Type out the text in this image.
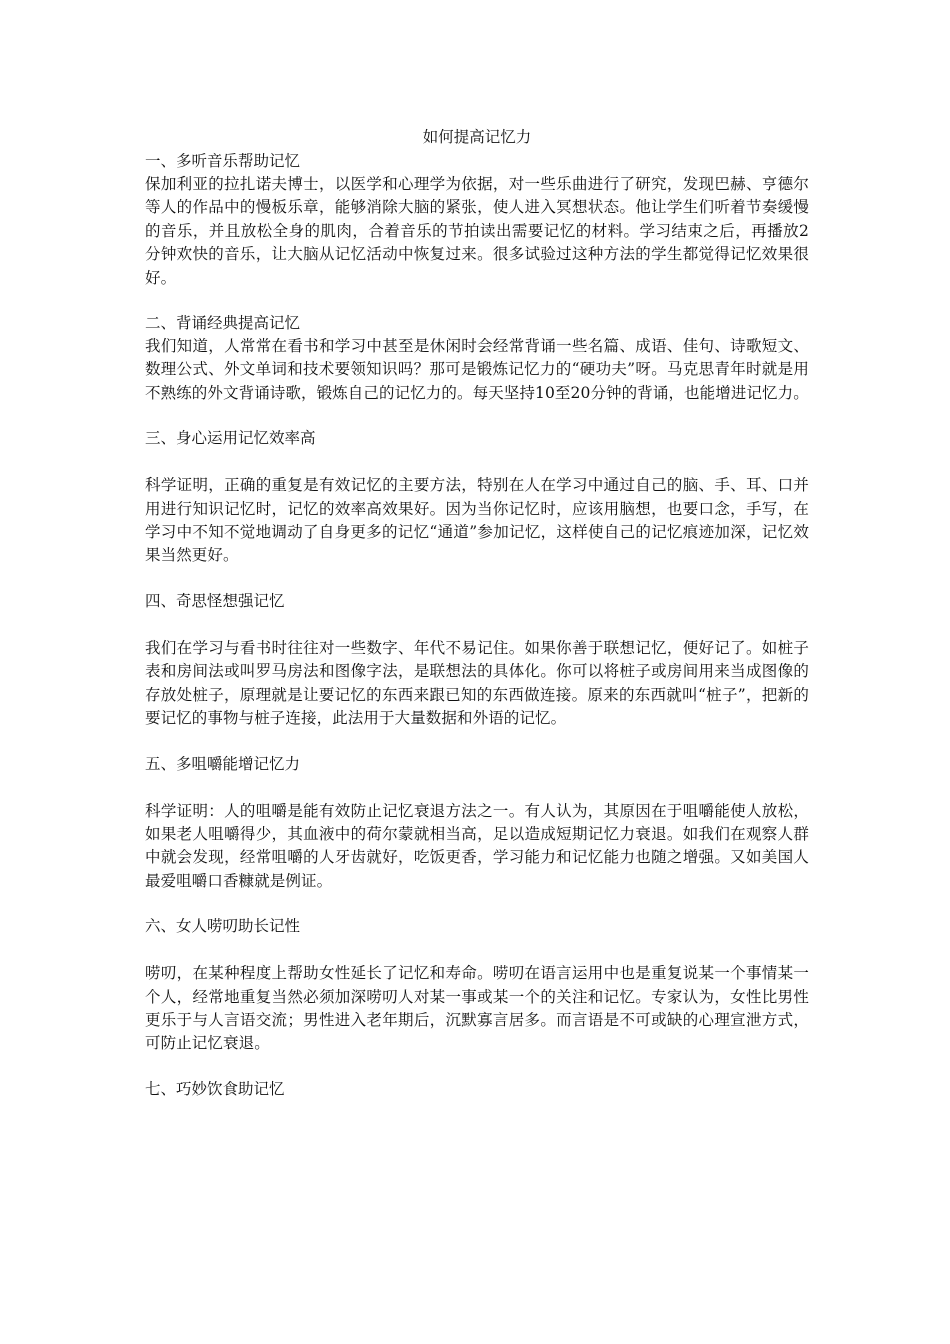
如何提高记忆力

一、多听音乐帮助记忆

保加利亚的拉扎诺夫博士，以医学和心理学为依据，对一些乐曲进行了研究，发现巴赫、亨德尔等人的作品中的慢板乐章，能够消除大脑的紧张，使人进入冥想状态。他让学生们听着节奏缓慢的音乐，并且放松全身的肌肉，合着音乐的节拍读出需要记忆的材料。学习结束之后，再播放2分钟欢快的音乐，让大脑从记忆活动中恢复过来。很多试验过这种方法的学生都觉得记忆效果很好。

二、背诵经典提高记忆

我们知道，人常常在看书和学习中甚至是休闲时会经常背诵一些名篇、成语、佳句、诗歌短文、数理公式、外文单词和技术要领知识吗？那可是锻炼记忆力的“硬功夫”呀。马克思青年时就是用不熟练的外文背诵诗歌，锻炼自己的记忆力的。每天坚持10至20分钟的背诵，也能增进记忆力。

三、身心运用记忆效率高

科学证明，正确的重复是有效记忆的主要方法，特别在人在学习中通过自己的脑、手、耳、口并用进行知识记忆时，记忆的效率高效果好。因为当你记忆时，应该用脑想，也要口念，手写，在学习中不知不觉地调动了自身更多的记忆“通道”参加记忆，这样使自己的记忆痕迹加深，记忆效果当然更好。

四、奇思怪想强记忆

我们在学习与看书时往往对一些数字、年代不易记住。如果你善于联想记忆，便好记了。如桩子表和房间法或叫罗马房法和图像字法，是联想法的具体化。你可以将桩子或房间用来当成图像的存放处桩子，原理就是让要记忆的东西来跟已知的东西做连接。原来的东西就叫“桩子”，把新的要记忆的事物与桩子连接，此法用于大量数据和外语的记忆。

五、多咀嚼能增记忆力

科学证明：人的咀嚼是能有效防止记忆衰退方法之一。有人认为，其原因在于咀嚼能使人放松，如果老人咀嚼得少，其血液中的荷尔蒙就相当高，足以造成短期记忆力衰退。如我们在观察人群中就会发现，经常咀嚼的人牙齿就好，吃饭更香，学习能力和记忆能力也随之增强。又如美国人最爱咀嚼口香糠就是例证。

六、女人唠叨助长记性

唠叨，在某种程度上帮助女性延长了记忆和寿命。唠叨在语言运用中也是重复说某一个事情某一个人，经常地重复当然必须加深唠叨人对某一事或某一个的关注和记忆。专家认为，女性比男性更乐于与人言语交流；男性进入老年期后，沉默寡言居多。而言语是不可或缺的心理宣泄方式，可防止记忆衰退。

七、巧妙饮食助记忆
